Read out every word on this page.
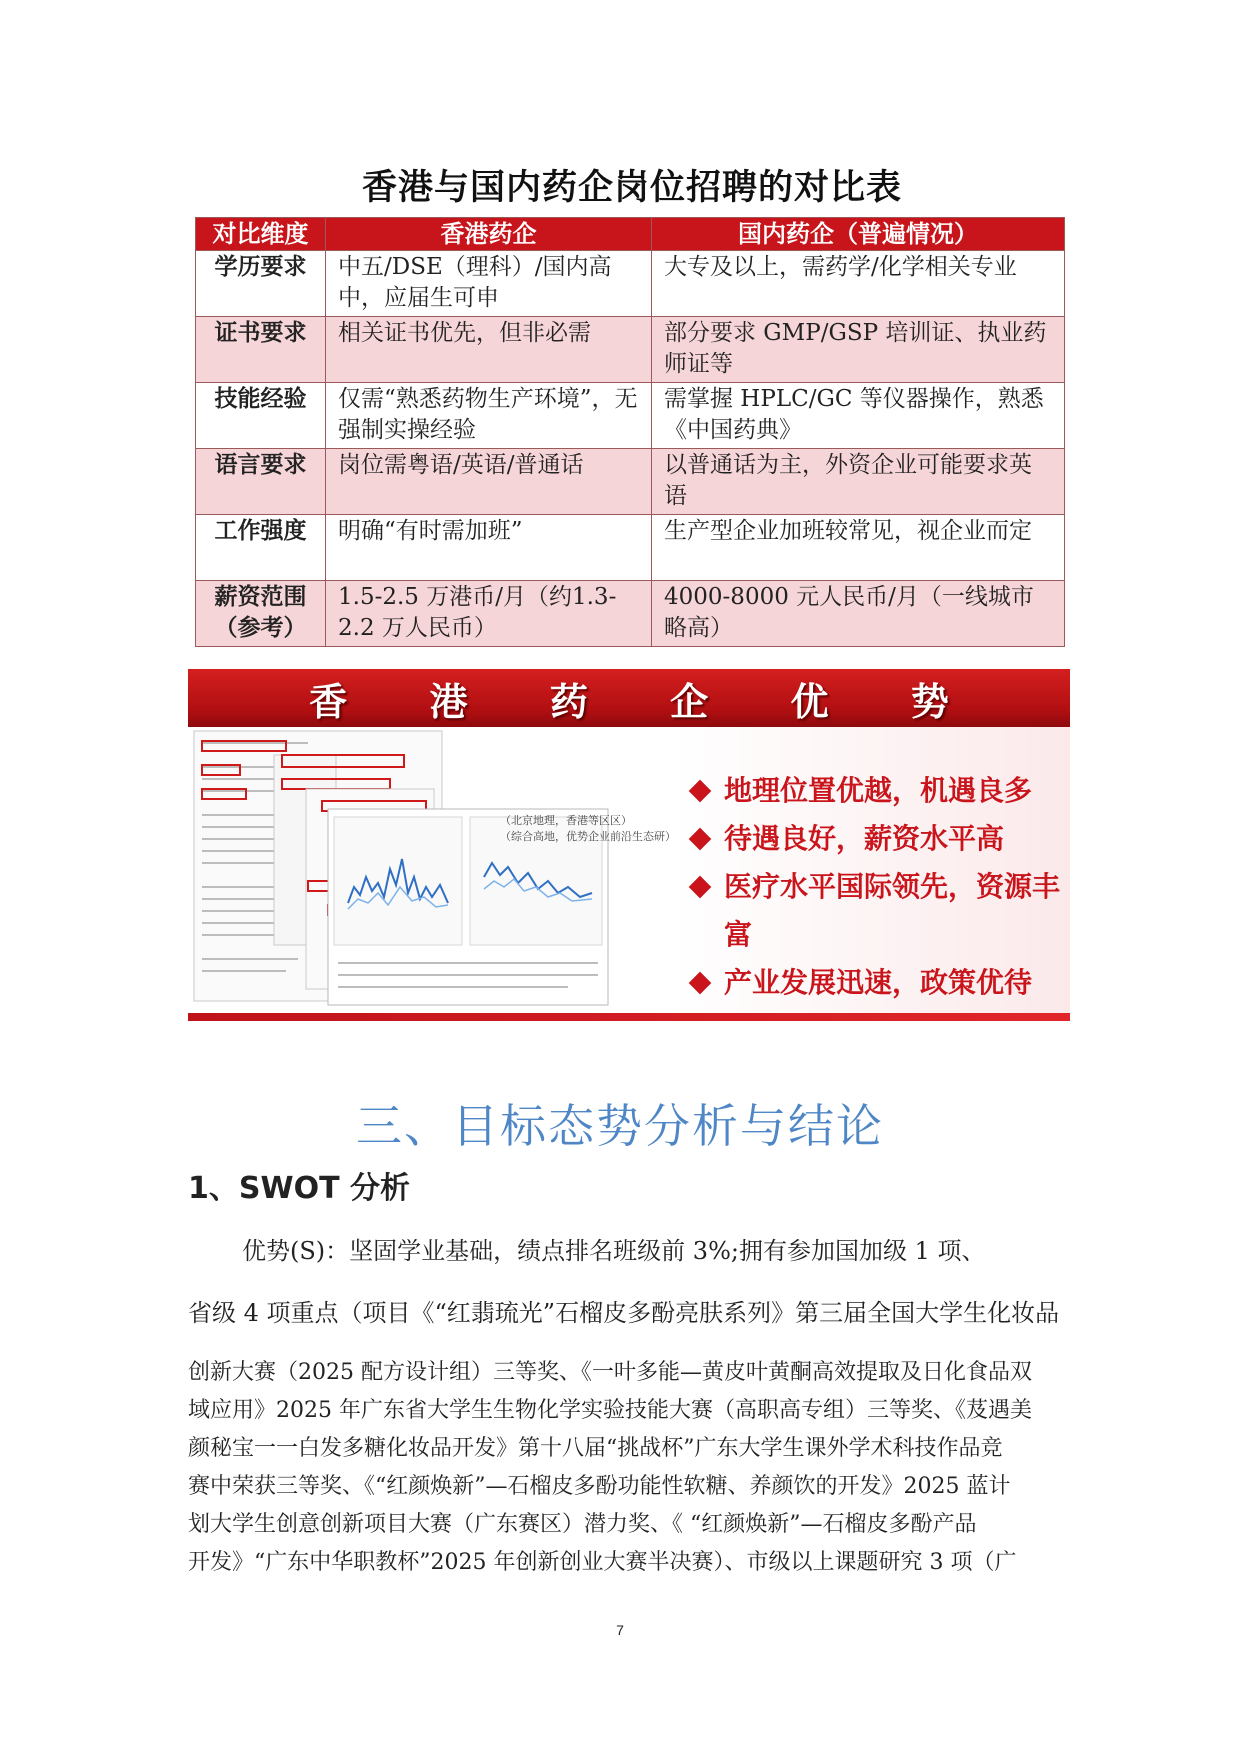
香港与国内药企岗位招聘的对比表
对比维度	香港药企	国内药企（普遍情况）
学历要求	中五/DSE（理科）/国内高中，应届生可申	大专及以上，需药学/化学相关专业
证书要求	相关证书优先，但非必需	部分要求 GMP/GSP 培训证、执业药师证等
技能经验	仅需“熟悉药物生产环境”，无强制实操经验	需掌握 HPLC/GC 等仪器操作，熟悉《中国药典》
语言要求	岗位需粤语/英语/普通话	以普通话为主，外资企业可能要求英语
工作强度	明确“有时需加班”	生产型企业加班较常见，视企业而定
薪资范围（参考）	1.5-2.5 万港币/月（约1.3-2.2 万人民币）	4000-8000 元人民币/月（一线城市略高）
香 港 药 企 优 势
（北京地理，香港等区区）
（综合高地，优势企业前沿生态研）
地理位置优越，机遇良多
待遇良好，薪资水平高
医疗水平国际领先，资源丰富
产业发展迅速，政策优待
三、目标态势分析与结论
1、SWOT 分析
优势(S)：坚固学业基础，绩点排名班级前 3%;拥有参加国加级 1 项、
省级 4 项重点（项目《“红翡琉光”石榴皮多酚亮肤系列》第三届全国大学生化妆品
创新大赛（2025 配方设计组）三等奖、《一叶多能—黄皮叶黄酮高效提取及日化食品双
域应用》2025 年广东省大学生生物化学实验技能大赛（高职高专组）三等奖、《芨遇美
颜秘宝一一白发多糖化妆品开发》第十八届“挑战杯”广东大学生课外学术科技作品竞
赛中荣获三等奖、《“红颜焕新”—石榴皮多酚功能性软糖、养颜饮的开发》2025 蓝计
划大学生创意创新项目大赛（广东赛区）潜力奖、《 “红颜焕新”—石榴皮多酚产品
开发》“广东中华职教杯”2025 年创新创业大赛半决赛）、市级以上课题研究 3 项（广
7
